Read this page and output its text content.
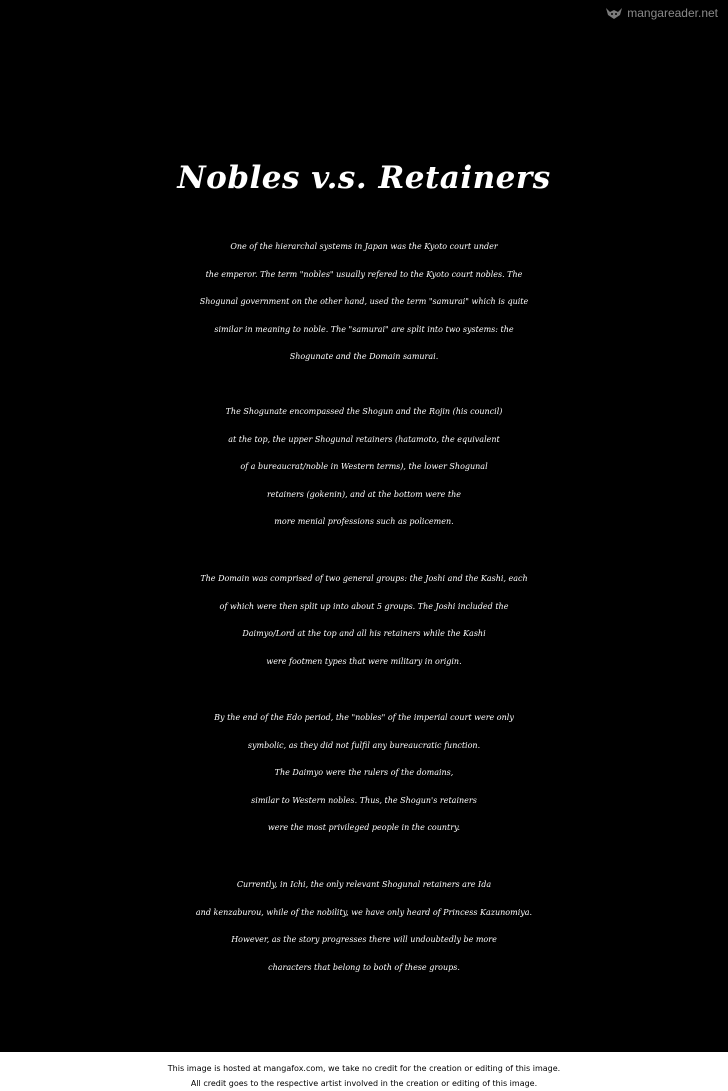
mangareader.net
Nobles v.s. Retainers
One of the hierarchal systems in Japan was the Kyoto court under
the emperor. The term "nobles" usually refered to the Kyoto court nobles. The
Shogunal government on the other hand, used the term "samurai" which is quite
similar in meaning to noble. The "samurai" are split into two systems: the
Shogunate and the Domain samurai.
The Shogunate encompassed the Shogun and the Rojin (his council)
at the top, the upper Shogunal retainers (hatamoto, the equivalent
of a bureaucrat/noble in Western terms), the lower Shogunal
retainers (gokenin), and at the bottom were the
more menial professions such as policemen.
The Domain was comprised of two general groups: the Joshi and the Kashi, each
of which were then split up into about 5 groups. The Joshi included the
Daimyo/Lord at the top and all his retainers while the Kashi
were footmen types that were military in origin.
By the end of the Edo period, the "nobles" of the imperial court were only
symbolic, as they did not fulfil any bureaucratic function.
The Daimyo were the rulers of the domains,
similar to Western nobles. Thus, the Shogun's retainers
were the most privileged people in the country.
Currently, in Ichi, the only relevant Shogunal retainers are Ida
and kenzaburou, while of the nobility, we have only heard of Princess Kazunomiya.
However, as the story progresses there will undoubtedly be more
characters that belong to both of these groups.
This image is hosted at mangafox.com, we take no credit for the creation or editing of this image.
All credit goes to the respective artist involved in the creation or editing of this image.
